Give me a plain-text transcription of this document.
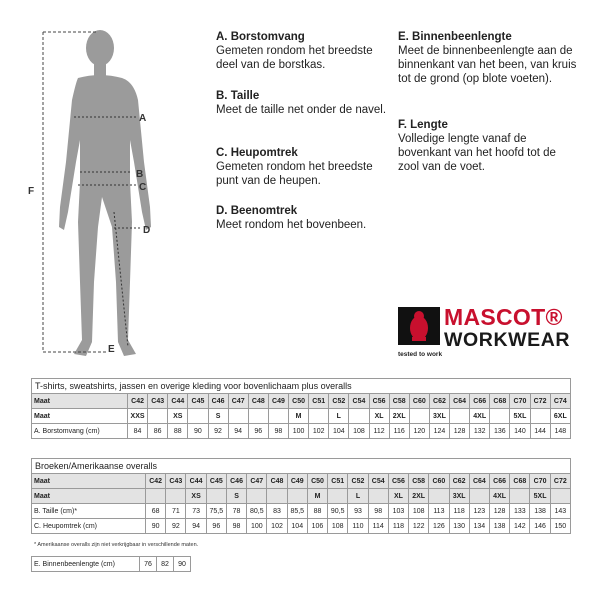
A
B
C
D
E
F
A. Borstomvang
Gemeten rondom het breedste deel van de borstkas.
B. Taille
Meet de taille net onder de navel.
C. Heupomtrek
Gemeten rondom het breedste punt van de heupen.
D. Beenomtrek
Meet rondom het bovenbeen.
E. Binnenbeenlengte
Meet de binnenbeenlengte aan de binnenkant van het been, van kruis tot de grond (op blote voeten).
F. Lengte
Volledige lengte vanaf de bovenkant van het hoofd tot de zool van de voet.
MASCOT®
WORKWEAR
tested to work
T-shirts, sweatshirts, jassen en overige kleding voor bovenlichaam plus overalls																						
Maat	C42	C43	C44	C45	C46	C47	C48	C49	C50	C51	C52	C54	C56	C58	C60	C62	C64	C66	C68	C70	C72	C74
Maat	XXS		XS		S				M		L		XL	2XL		3XL		4XL		5XL		6XL
A. Borstomvang (cm)	84	86	88	90	92	94	96	98	100	102	104	108	112	116	120	124	128	132	136	140	144	148
Broeken/Amerikaanse overalls																					
Maat	C42	C43	C44	C45	C46	C47	C48	C49	C50	C51	C52	C54	C56	C58	C60	C62	C64	C66	C68	C70	C72
Maat			XS		S				M		L		XL	2XL		3XL		4XL		5XL	
B. Taille (cm)*	68	71	73	75,5	78	80,5	83	85,5	88	90,5	93	98	103	108	113	118	123	128	133	138	143
C. Heupomtrek (cm)	90	92	94	96	98	100	102	104	106	108	110	114	118	122	126	130	134	138	142	146	150
* Amerikaanse overalls zijn niet verkrijgbaar in verschillende maten.
E. Binnenbeenlengte (cm)	76	82	90
